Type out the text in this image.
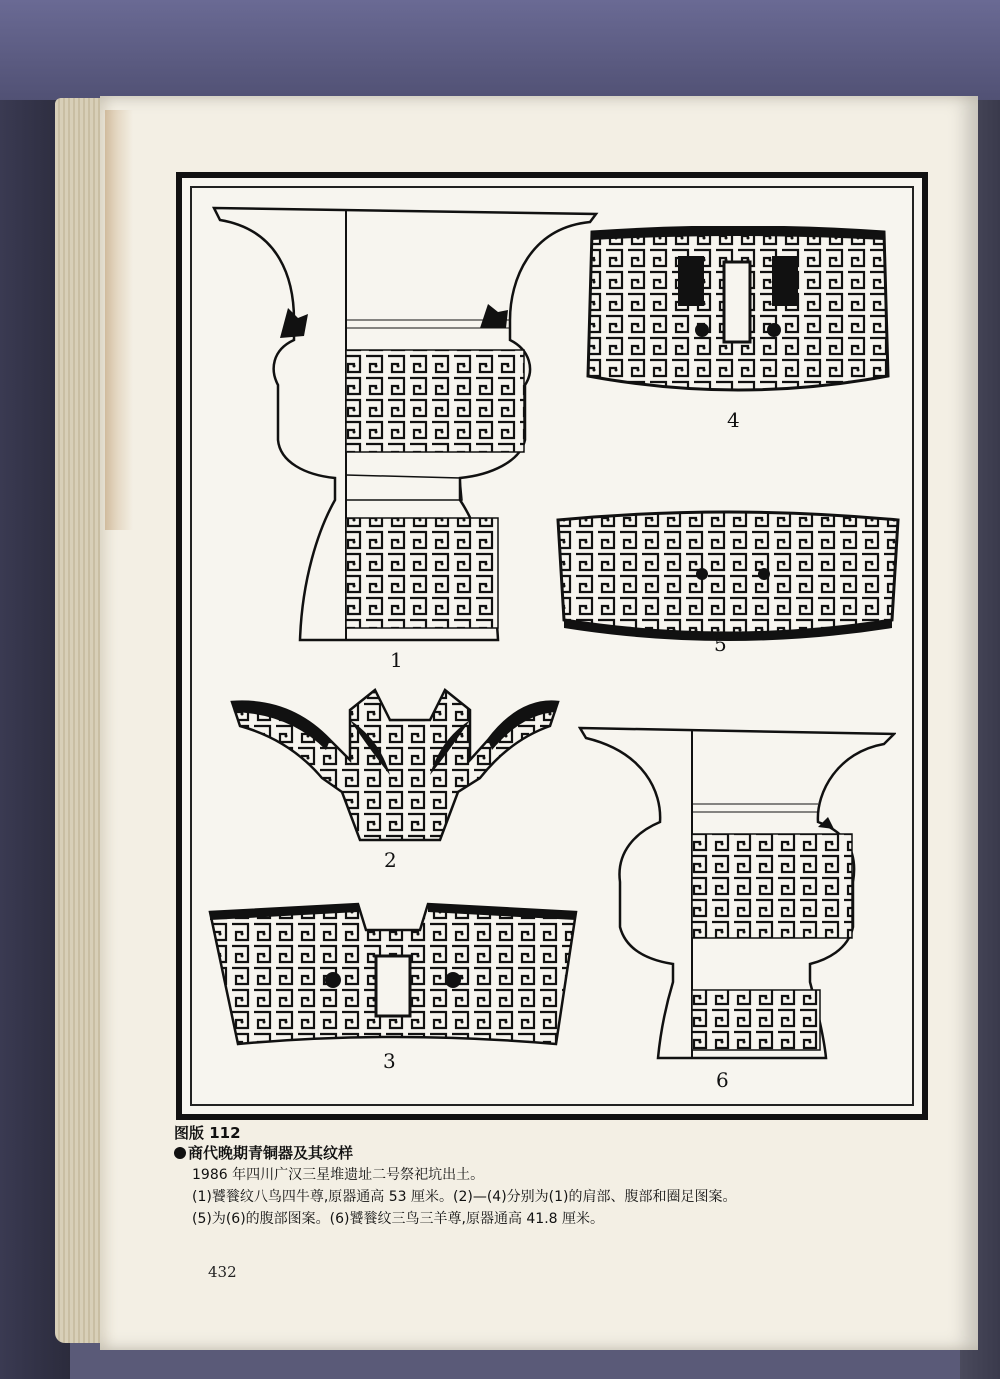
1
4
5
2
3
6
图版 112
商代晚期青铜器及其纹样
1986 年四川广汉三星堆遗址二号祭祀坑出土。
(1)饕餮纹八鸟四牛尊,原器通高 53 厘米。(2)—(4)分别为(1)的肩部、腹部和圈足图案。
(5)为(6)的腹部图案。(6)饕餮纹三鸟三羊尊,原器通高 41.8 厘米。
432
